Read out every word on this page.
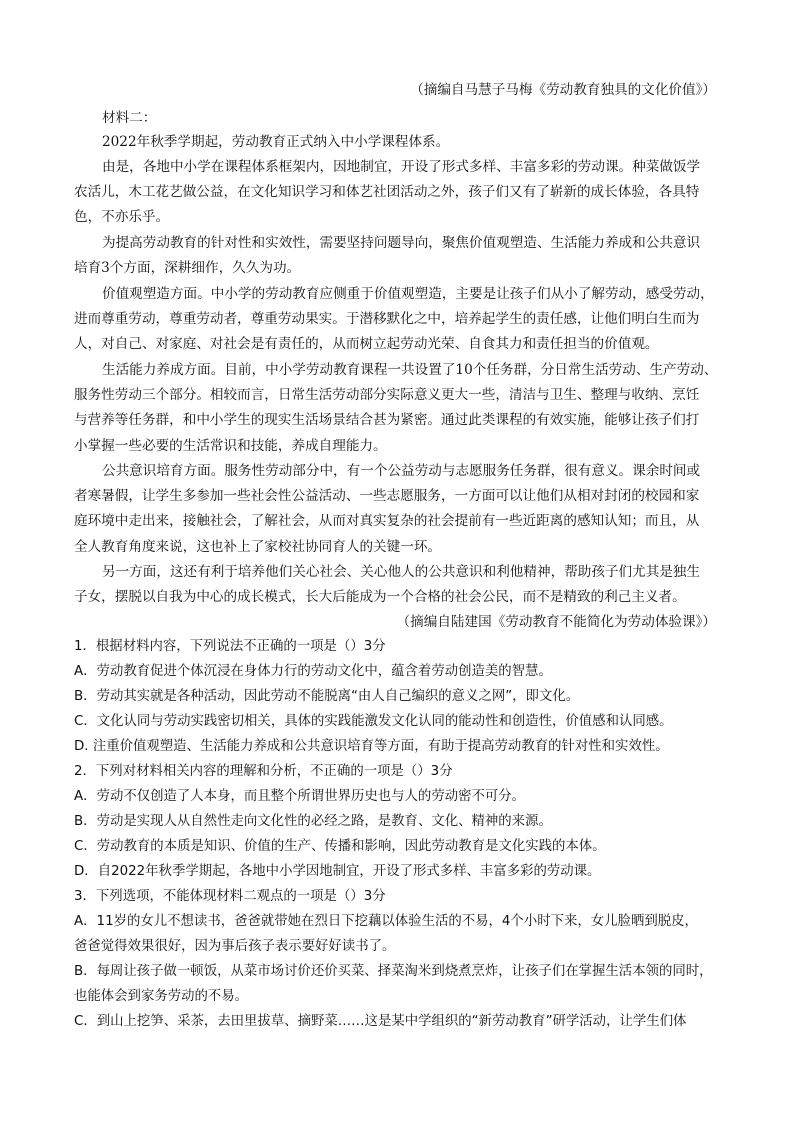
（摘编自马慧子马梅《劳动教育独具的文化价值》）
材料二：
2022年秋季学期起，劳动教育正式纳入中小学课程体系。
由是，各地中小学在课程体系框架内，因地制宜，开设了形式多样、丰富多彩的劳动课。种菜做饭学
农活儿，木工花艺做公益，在文化知识学习和体艺社团活动之外，孩子们又有了崭新的成长体验，各具特
色，不亦乐乎。
为提高劳动教育的针对性和实效性，需要坚持问题导向，聚焦价值观塑造、生活能力养成和公共意识
培育3个方面，深耕细作，久久为功。
价值观塑造方面。中小学的劳动教育应侧重于价值观塑造，主要是让孩子们从小了解劳动，感受劳动，
进而尊重劳动，尊重劳动者，尊重劳动果实。于潜移默化之中，培养起学生的责任感，让他们明白生而为
人，对自己、对家庭、对社会是有责任的，从而树立起劳动光荣、自食其力和责任担当的价值观。
生活能力养成方面。目前，中小学劳动教育课程一共设置了10个任务群，分日常生活劳动、生产劳动、
服务性劳动三个部分。相较而言，日常生活劳动部分实际意义更大一些，清洁与卫生、整理与收纳、烹饪
与营养等任务群，和中小学生的现实生活场景结合甚为紧密。通过此类课程的有效实施，能够让孩子们打
小掌握一些必要的生活常识和技能，养成自理能力。
公共意识培育方面。服务性劳动部分中，有一个公益劳动与志愿服务任务群，很有意义。课余时间或
者寒暑假，让学生多参加一些社会性公益活动、一些志愿服务，一方面可以让他们从相对封闭的校园和家
庭环境中走出来，接触社会，了解社会，从而对真实复杂的社会提前有一些近距离的感知认知；而且，从
全人教育角度来说，这也补上了家校社协同育人的关键一环。
另一方面，这还有利于培养他们关心社会、关心他人的公共意识和利他精神，帮助孩子们尤其是独生
子女，摆脱以自我为中心的成长模式，长大后能成为一个合格的社会公民，而不是精致的利己主义者。
（摘编自陆建国《劳动教育不能简化为劳动体验课》）
1．根据材料内容，下列说法不正确的一项是（）3分
A．劳动教育促进个体沉浸在身体力行的劳动文化中，蕴含着劳动创造美的智慧。
B．劳动其实就是各种活动，因此劳动不能脱离“由人自己编织的意义之网”，即文化。
C．文化认同与劳动实践密切相关，具体的实践能激发文化认同的能动性和创造性，价值感和认同感。
D. 注重价值观塑造、生活能力养成和公共意识培育等方面，有助于提高劳动教育的针对性和实效性。
2．下列对材料相关内容的理解和分析，不正确的一项是（）3分
A．劳动不仅创造了人本身，而且整个所谓世界历史也与人的劳动密不可分。
B．劳动是实现人从自然性走向文化性的必经之路，是教育、文化、精神的来源。
C．劳动教育的本质是知识、价值的生产、传播和影响，因此劳动教育是文化实践的本体。
D．自2022年秋季学期起，各地中小学因地制宜，开设了形式多样、丰富多彩的劳动课。
3．下列选项，不能体现材料二观点的一项是（）3分
A．11岁的女儿不想读书，爸爸就带她在烈日下挖藕以体验生活的不易，4个小时下来，女儿脸晒到脱皮，
爸爸觉得效果很好，因为事后孩子表示要好好读书了。
B．每周让孩子做一顿饭，从菜市场讨价还价买菜、择菜淘米到烧煮烹炸，让孩子们在掌握生活本领的同时，
也能体会到家务劳动的不易。
C．到山上挖笋、采茶，去田里拔草、摘野菜……这是某中学组织的“新劳动教育”研学活动，让学生们体
